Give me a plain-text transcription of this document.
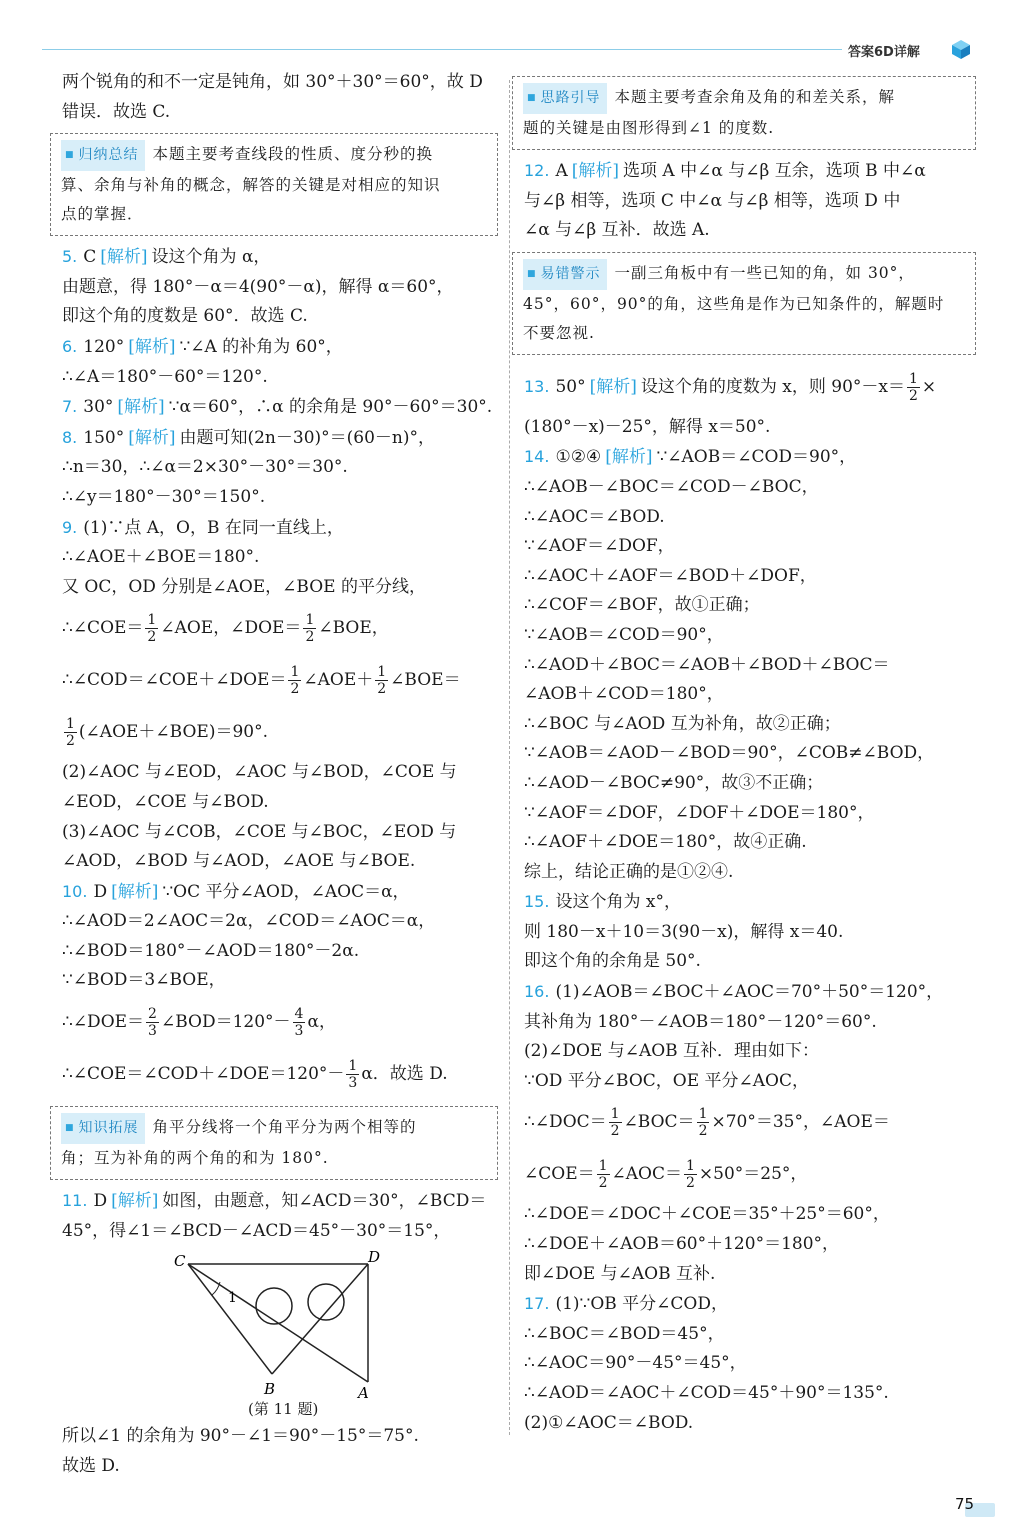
答案6D详解
两个锐角的和不一定是钝角，如 30°＋30°＝60°，故 D
错误．故选 C.
■ 归纳总结 本题主要考查线段的性质、度分秒的换
算、余角与补角的概念，解答的关键是对相应的知识
点的掌握．
5. C [解析] 设这个角为 α，
由题意，得 180°－α＝4(90°－α)，解得 α＝60°，
即这个角的度数是 60°．故选 C.
6. 120° [解析] ∵∠A 的补角为 60°，
∴∠A＝180°－60°＝120°.
7. 30° [解析] ∵α＝60°，∴α 的余角是 90°－60°＝30°.
8. 150° [解析] 由题可知(2n－30)°＝(60－n)°，
∴n＝30，∴∠α＝2×30°－30°＝30°.
∴∠y＝180°－30°＝150°.
9. (1)∵点 A，O，B 在同一直线上，
∴∠AOE＋∠BOE＝180°.
又 OC，OD 分别是∠AOE，∠BOE 的平分线，
∴∠COE＝ $\frac{1}{2}$ ∠AOE，∠DOE＝ $\frac{1}{2}$ ∠BOE，
∴∠COD＝∠COE＋∠DOE＝ $\frac{1}{2}$ ∠AOE＋ $\frac{1}{2}$ ∠BOE＝
$\frac{1}{2}$ (∠AOE＋∠BOE)＝90°.
(2)∠AOC 与∠EOD，∠AOC 与∠BOD，∠COE 与
∠EOD，∠COE 与∠BOD.
(3)∠AOC 与∠COB，∠COE 与∠BOC，∠EOD 与
∠AOD，∠BOD 与∠AOD，∠AOE 与∠BOE.
10. D [解析] ∵OC 平分∠AOD，∠AOC＝α，
∴∠AOD＝2∠AOC＝2α，∠COD＝∠AOC＝α，
∴∠BOD＝180°－∠AOD＝180°－2α.
∵∠BOD＝3∠BOE，
∴∠DOE＝ $\frac{2}{3}$ ∠BOD＝120°－ $\frac{4}{3}$ α，
∴∠COE＝∠COD＋∠DOE＝120°－ $\frac{1}{3}$ α．故选 D.
■ 知识拓展 角平分线将一个角平分为两个相等的
角；互为补角的两个角的和为 180°.
11. D [解析] 如图，由题意，知∠ACD＝30°，∠BCD＝
45°，得∠1＝∠BCD－∠ACD＝45°－30°＝15°，
C	D
B	A
1
(第 11 题)
所以∠1 的余角为 90°－∠1＝90°－15°＝75°.
故选 D.
■ 思路引导 本题主要考查余角及角的和差关系，解
题的关键是由图形得到∠1 的度数.
12. A [解析] 选项 A 中∠α 与∠β 互余，选项 B 中∠α
与∠β 相等，选项 C 中∠α 与∠β 相等，选项 D 中
∠α 与∠β 互补．故选 A.
■ 易错警示 一副三角板中有一些已知的角，如 30°，
45°，60°，90°的角，这些角是作为已知条件的，解题时
不要忽视.
13. 50° [解析] 设这个角的度数为 x，则 $90^\circ-x= \frac{1}{2}$ ×
(180°－x)－25°，解得 x＝50°.
14. ①②④ [解析] ∵∠AOB＝∠COD＝90°，
∴∠AOB－∠BOC＝∠COD－∠BOC，
∴∠AOC＝∠BOD.
∵∠AOF＝∠DOF，
∴∠AOC＋∠AOF＝∠BOD＋∠DOF，
∴∠COF＝∠BOF，故①正确；
∵∠AOB＝∠COD＝90°，
∴∠AOD＋∠BOC＝∠AOB＋∠BOD＋∠BOC＝
∠AOB＋∠COD＝180°，
∴∠BOC 与∠AOD 互为补角，故②正确；
∵∠AOB＝∠AOD－∠BOD＝90°，∠COB≠∠BOD，
∴∠AOD－∠BOC≠90°，故③不正确；
∵∠AOF＝∠DOF，∠DOF＋∠DOE＝180°，
∴∠AOF＋∠DOE＝180°，故④正确.
综上，结论正确的是①②④.
15. 设这个角为 x°，
则 180－x＋10＝3(90－x)，解得 x＝40.
即这个角的余角是 50°.
16. (1)∠AOB＝∠BOC＋∠AOC＝70°＋50°＝120°，
其补角为 180°－∠AOB＝180°－120°＝60°.
(2)∠DOE 与∠AOB 互补．理由如下：
∵OD 平分∠BOC，OE 平分∠AOC，
∴∠DOC＝ $\frac{1}{2}$ ∠BOC＝ $\frac{1}{2} \times 70^\circ=35^\circ$，∠AOE＝
∠COE＝ $\frac{1}{2}$ ∠AOC＝ $\frac{1}{2} \times 50^\circ=25^\circ$，
∴∠DOE＝∠DOC＋∠COE＝35°＋25°＝60°，
∴∠DOE＋∠AOB＝60°＋120°＝180°，
即∠DOE 与∠AOB 互补.
17. (1)∵OB 平分∠COD，
∴∠BOC＝∠BOD＝45°，
∴∠AOC＝90°－45°＝45°，
∴∠AOD＝∠AOC＋∠COD＝45°＋90°＝135°.
(2)①∠AOC＝∠BOD.
75
